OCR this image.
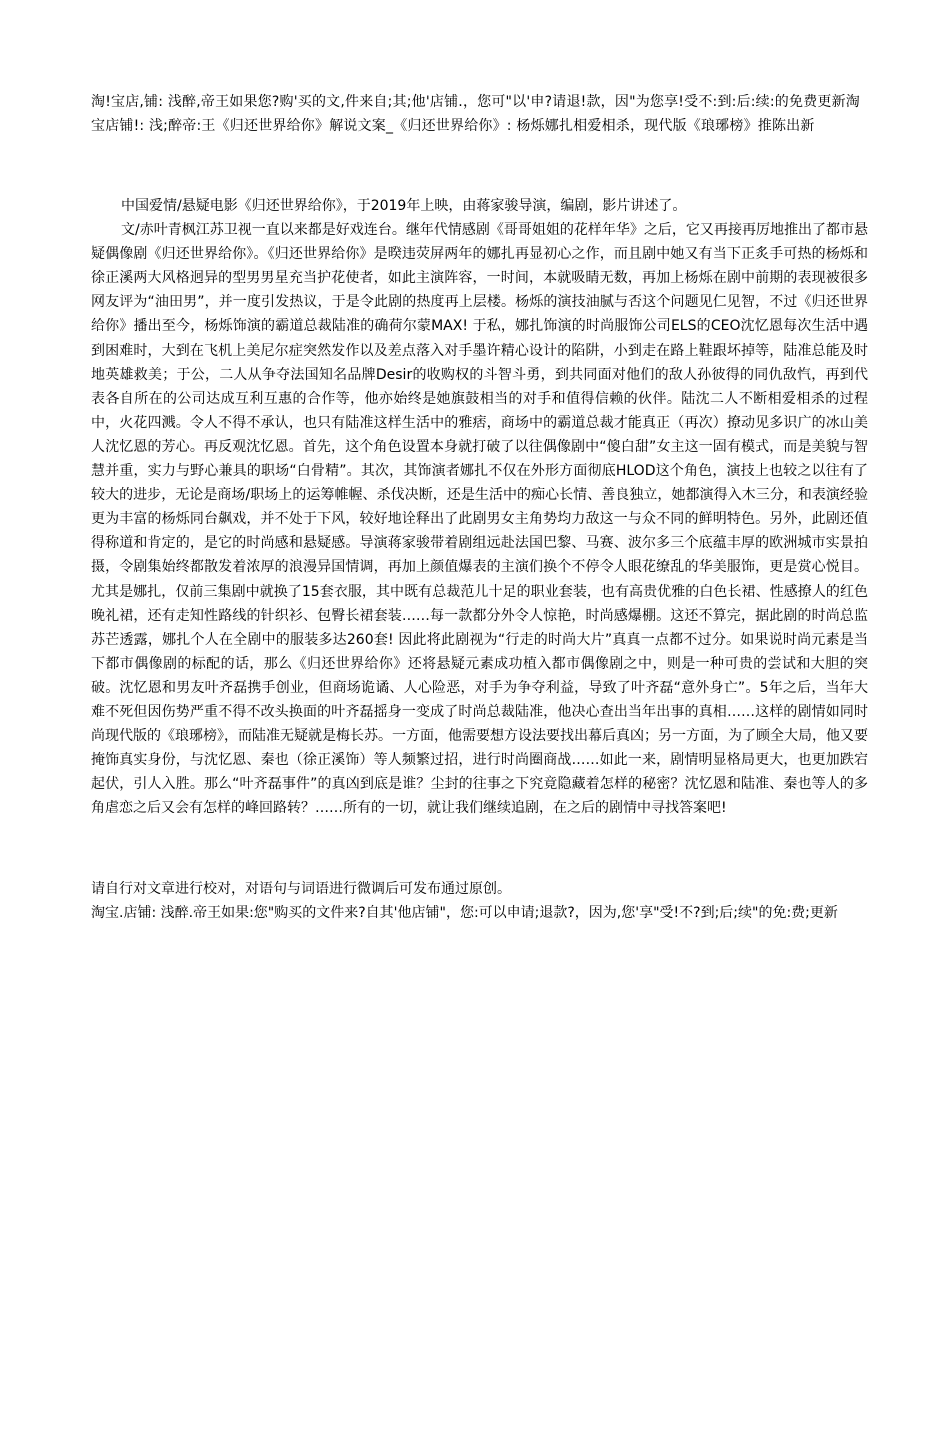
淘!宝店,铺: 浅醉,帝王如果您?购'买的文,件来自;其;他'店铺.，您可"以'申?请退!款，因"为您享!受不:到:后:续:的免费更新淘宝店铺!: 浅;醉帝:王《归还世界给你》解说文案_《归还世界给你》: 杨烁娜扎相爱相杀，现代版《琅琊榜》推陈出新

中国爱情/悬疑电影《归还世界给你》，于2019年上映，由蒋家骏导演，编剧，影片讲述了。

文/赤叶青枫江苏卫视一直以来都是好戏连台。继年代情感剧《哥哥姐姐的花样年华》之后，它又再接再厉地推出了都市悬疑偶像剧《归还世界给你》。《归还世界给你》是暌违荧屏两年的娜扎再显初心之作，而且剧中她又有当下正炙手可热的杨烁和徐正溪两大风格迥异的型男男星充当护花使者，如此主演阵容，一时间，本就吸睛无数，再加上杨烁在剧中前期的表现被很多网友评为“油田男”，并一度引发热议，于是令此剧的热度再上层楼。杨烁的演技油腻与否这个问题见仁见智，不过《归还世界给你》播出至今，杨烁饰演的霸道总裁陆准的确荷尔蒙MAX! 于私，娜扎饰演的时尚服饰公司ELS的CEO沈忆恩每次生活中遇到困难时，大到在飞机上美尼尔症突然发作以及差点落入对手墨许精心设计的陷阱，小到走在路上鞋跟坏掉等，陆准总能及时地英雄救美；于公，二人从争夺法国知名品牌Desir的收购权的斗智斗勇，到共同面对他们的敌人孙彼得的同仇敌忾，再到代表各自所在的公司达成互利互惠的合作等，他亦始终是她旗鼓相当的对手和值得信赖的伙伴。陆沈二人不断相爱相杀的过程中，火花四溅。令人不得不承认，也只有陆准这样生活中的雅痞，商场中的霸道总裁才能真正（再次）撩动见多识广的冰山美人沈忆恩的芳心。再反观沈忆恩。首先，这个角色设置本身就打破了以往偶像剧中“傻白甜”女主这一固有模式，而是美貌与智慧并重，实力与野心兼具的职场“白骨精”。其次，其饰演者娜扎不仅在外形方面彻底HLOD这个角色，演技上也较之以往有了较大的进步，无论是商场/职场上的运筹帷幄、杀伐决断，还是生活中的痴心长情、善良独立，她都演得入木三分，和表演经验更为丰富的杨烁同台飙戏，并不处于下风，较好地诠释出了此剧男女主角势均力敌这一与众不同的鲜明特色。另外，此剧还值得称道和肯定的，是它的时尚感和悬疑感。导演蒋家骏带着剧组远赴法国巴黎、马赛、波尔多三个底蕴丰厚的欧洲城市实景拍摄，令剧集始终都散发着浓厚的浪漫异国情调，再加上颜值爆表的主演们换个不停令人眼花缭乱的华美服饰，更是赏心悦目。尤其是娜扎，仅前三集剧中就换了15套衣服，其中既有总裁范儿十足的职业套装，也有高贵优雅的白色长裙、性感撩人的红色晚礼裙，还有走知性路线的针织衫、包臀长裙套装……每一款都分外令人惊艳，时尚感爆棚。这还不算完，据此剧的时尚总监苏芒透露，娜扎个人在全剧中的服装多达260套! 因此将此剧视为“行走的时尚大片”真真一点都不过分。如果说时尚元素是当下都市偶像剧的标配的话，那么《归还世界给你》还将悬疑元素成功植入都市偶像剧之中，则是一种可贵的尝试和大胆的突破。沈忆恩和男友叶齐磊携手创业，但商场诡谲、人心险恶，对手为争夺利益，导致了叶齐磊“意外身亡”。5年之后，当年大难不死但因伤势严重不得不改头换面的叶齐磊摇身一变成了时尚总裁陆准，他决心查出当年出事的真相……这样的剧情如同时尚现代版的《琅琊榜》，而陆准无疑就是梅长苏。一方面，他需要想方设法要找出幕后真凶；另一方面，为了顾全大局，他又要掩饰真实身份，与沈忆恩、秦也（徐正溪饰）等人频繁过招，进行时尚圈商战……如此一来，剧情明显格局更大，也更加跌宕起伏，引人入胜。那么“叶齐磊事件”的真凶到底是谁？尘封的往事之下究竟隐藏着怎样的秘密？沈忆恩和陆准、秦也等人的多角虐恋之后又会有怎样的峰回路转？……所有的一切，就让我们继续追剧，在之后的剧情中寻找答案吧!

请自行对文章进行校对，对语句与词语进行微调后可发布通过原创。

淘宝.店铺: 浅醉.帝王如果:您"购买的文件来?自其'他店铺"，您:可以申请;退款?，因为,您'享"受!不?到;后;续"的免:费;更新
